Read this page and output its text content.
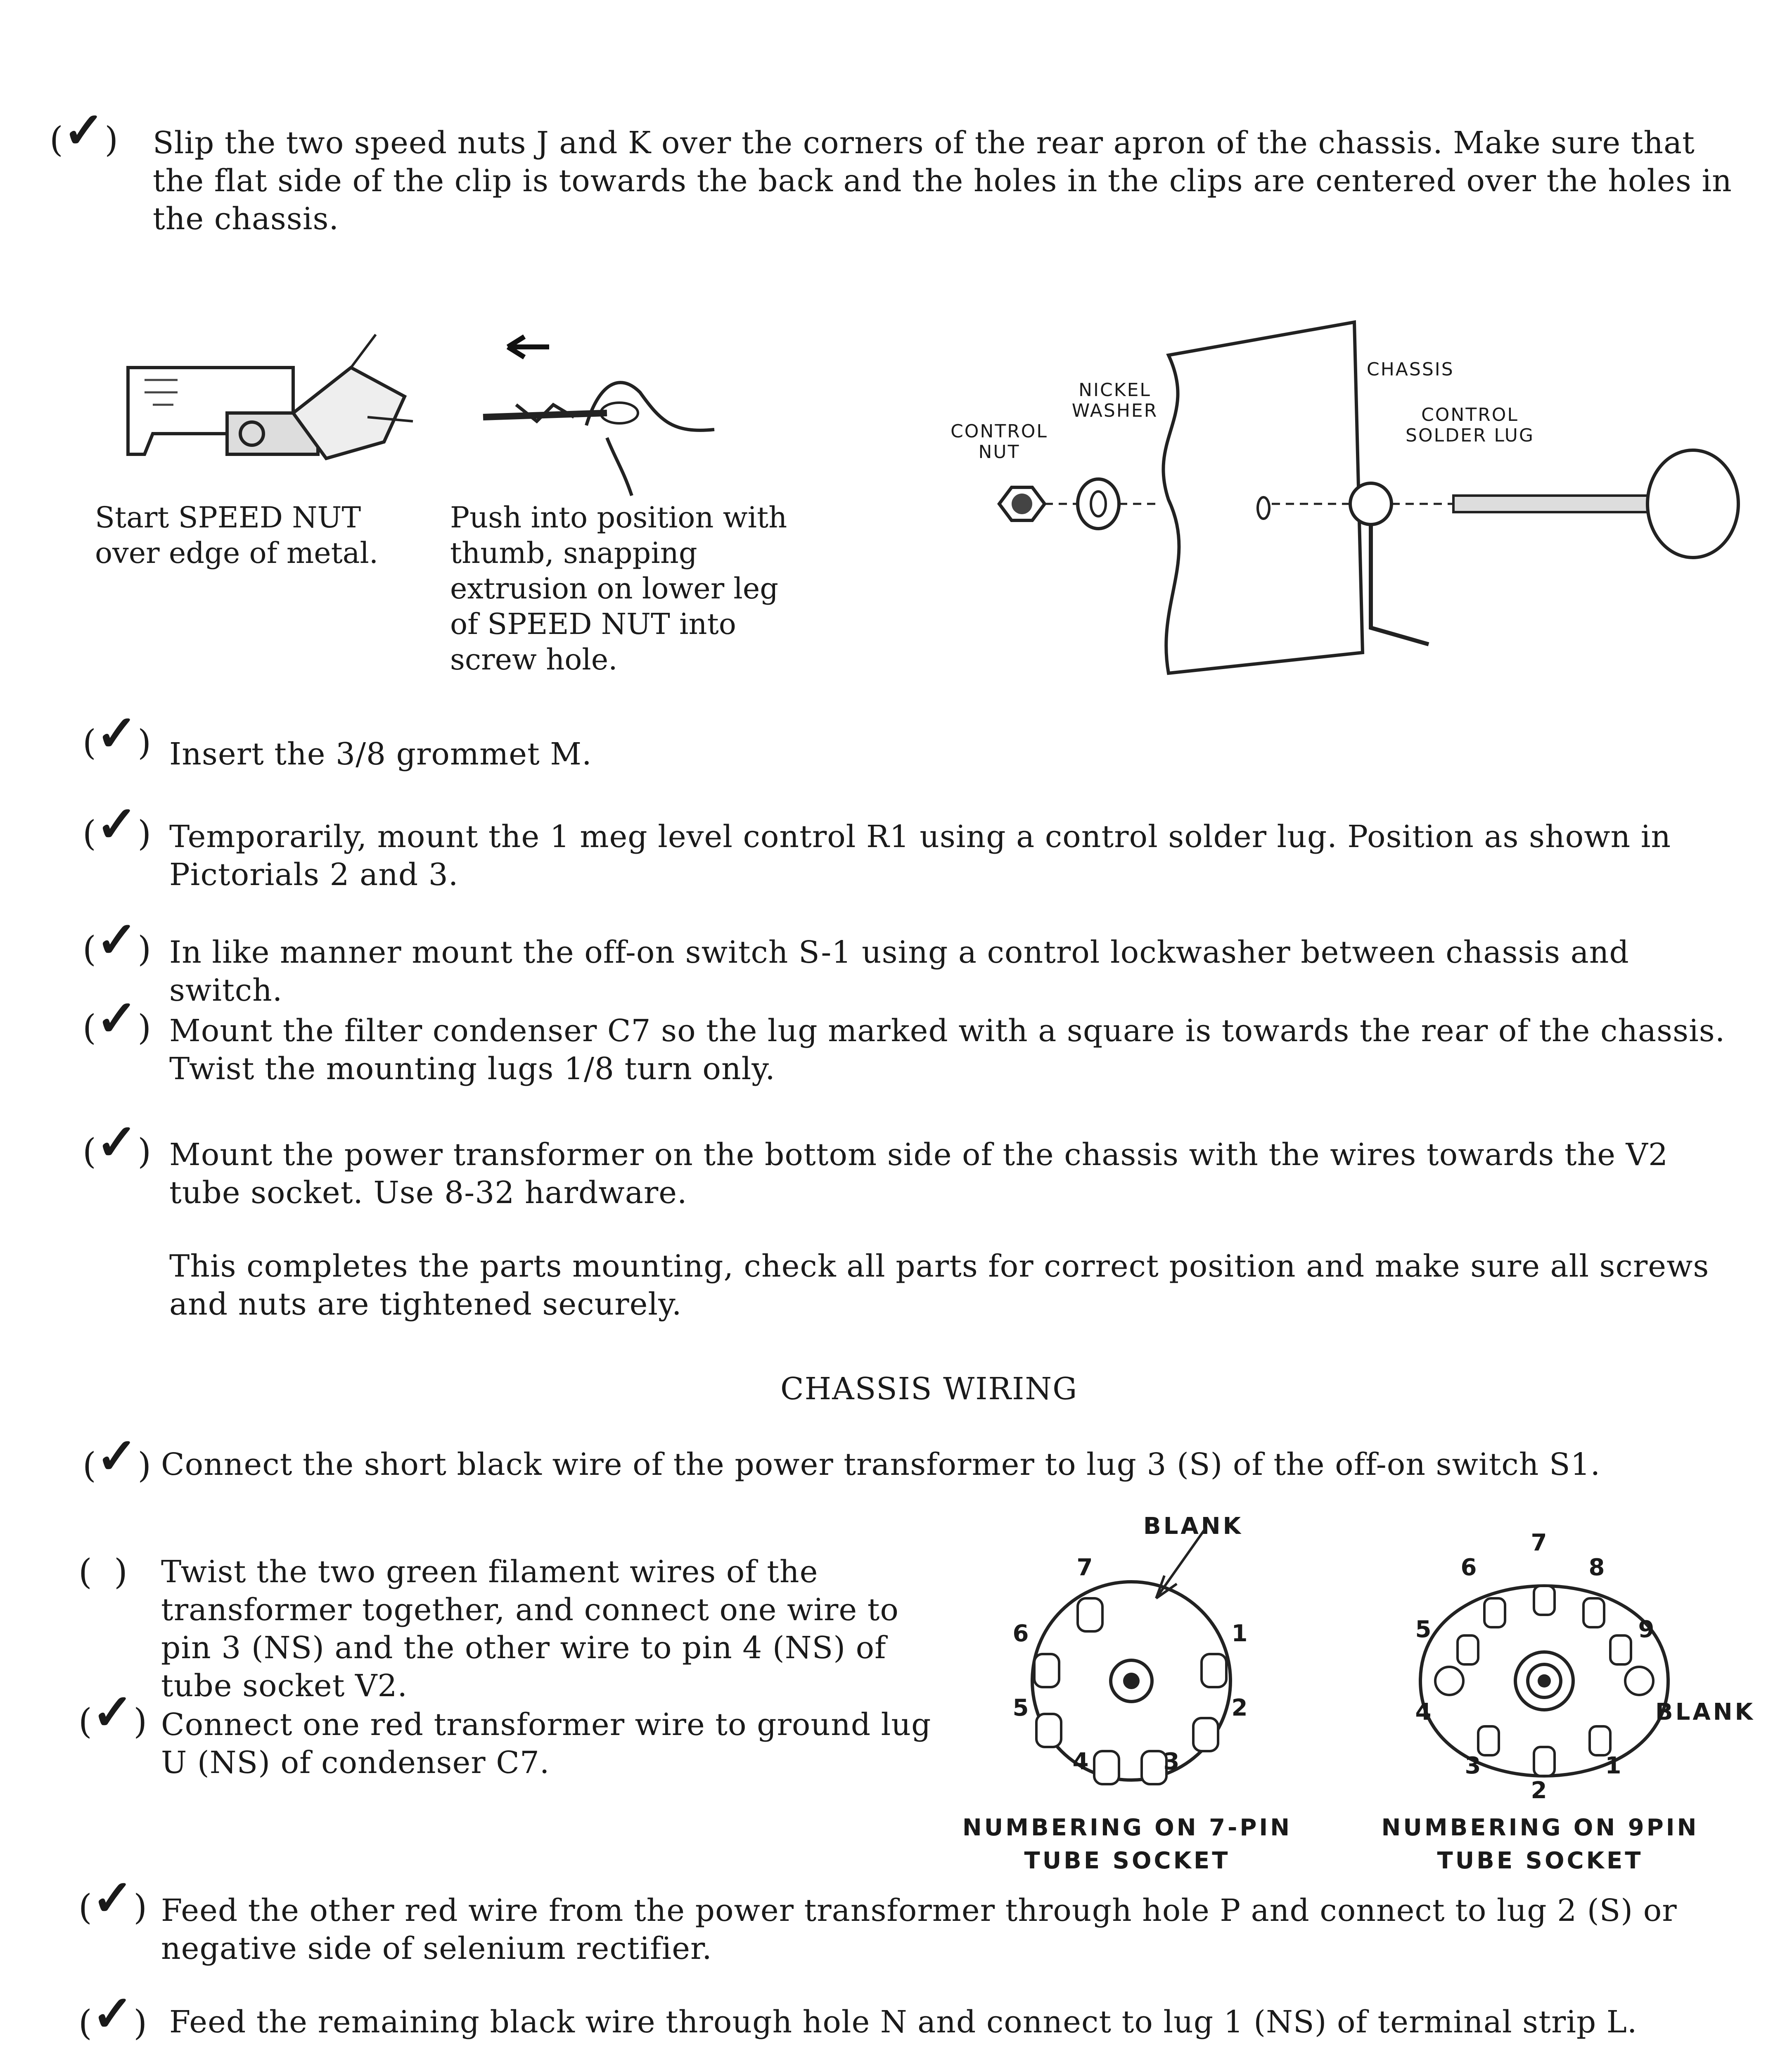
(✓) Slip the two speed nuts J and K over the corners of the rear apron of the chassis. Make sure that the flat side of the clip is towards the back and the holes in the clips are centered over the holes in the chassis.
Start SPEED NUT over edge of metal.
Push into position with thumb, snapping extrusion on lower leg of SPEED NUT into screw hole.
CONTROL NUT
NICKEL WASHER
CHASSIS
CONTROL SOLDER LUG
(✓) Insert the 3/8 grommet M.
(✓) Temporarily, mount the 1 meg level control R1 using a control solder lug. Position as shown in Pictorials 2 and 3.
(✓) In like manner mount the off-on switch S-1 using a control lockwasher between chassis and switch.
(✓) Mount the filter condenser C7 so the lug marked with a square is towards the rear of the chassis. Twist the mounting lugs 1/8 turn only.
(✓) Mount the power transformer on the bottom side of the chassis with the wires towards the V2 tube socket. Use 8-32 hardware.
This completes the parts mounting, check all parts for correct position and make sure all screws and nuts are tightened securely.
CHASSIS WIRING
(✓) Connect the short black wire of the power transformer to lug 3 (S) of the off-on switch S1.
(  ) Twist the two green filament wires of the transformer together, and connect one wire to pin 3 (NS) and the other wire to pin 4 (NS) of tube socket V2.
(✓) Connect one red transformer wire to ground lug U (NS) of condenser C7.
BLANK
7
6	1
5	2
4	3
NUMBERING ON 7-PIN
TUBE SOCKET
7
6	8
5	9
4	BLANK
3	1
2
NUMBERING ON 9PIN
TUBE SOCKET
(✓) Feed the other red wire from the power transformer through hole P and connect to lug 2 (S) or negative side of selenium rectifier.
(✓) Feed the remaining black wire through hole N and connect to lug 1 (NS) of terminal strip L.
